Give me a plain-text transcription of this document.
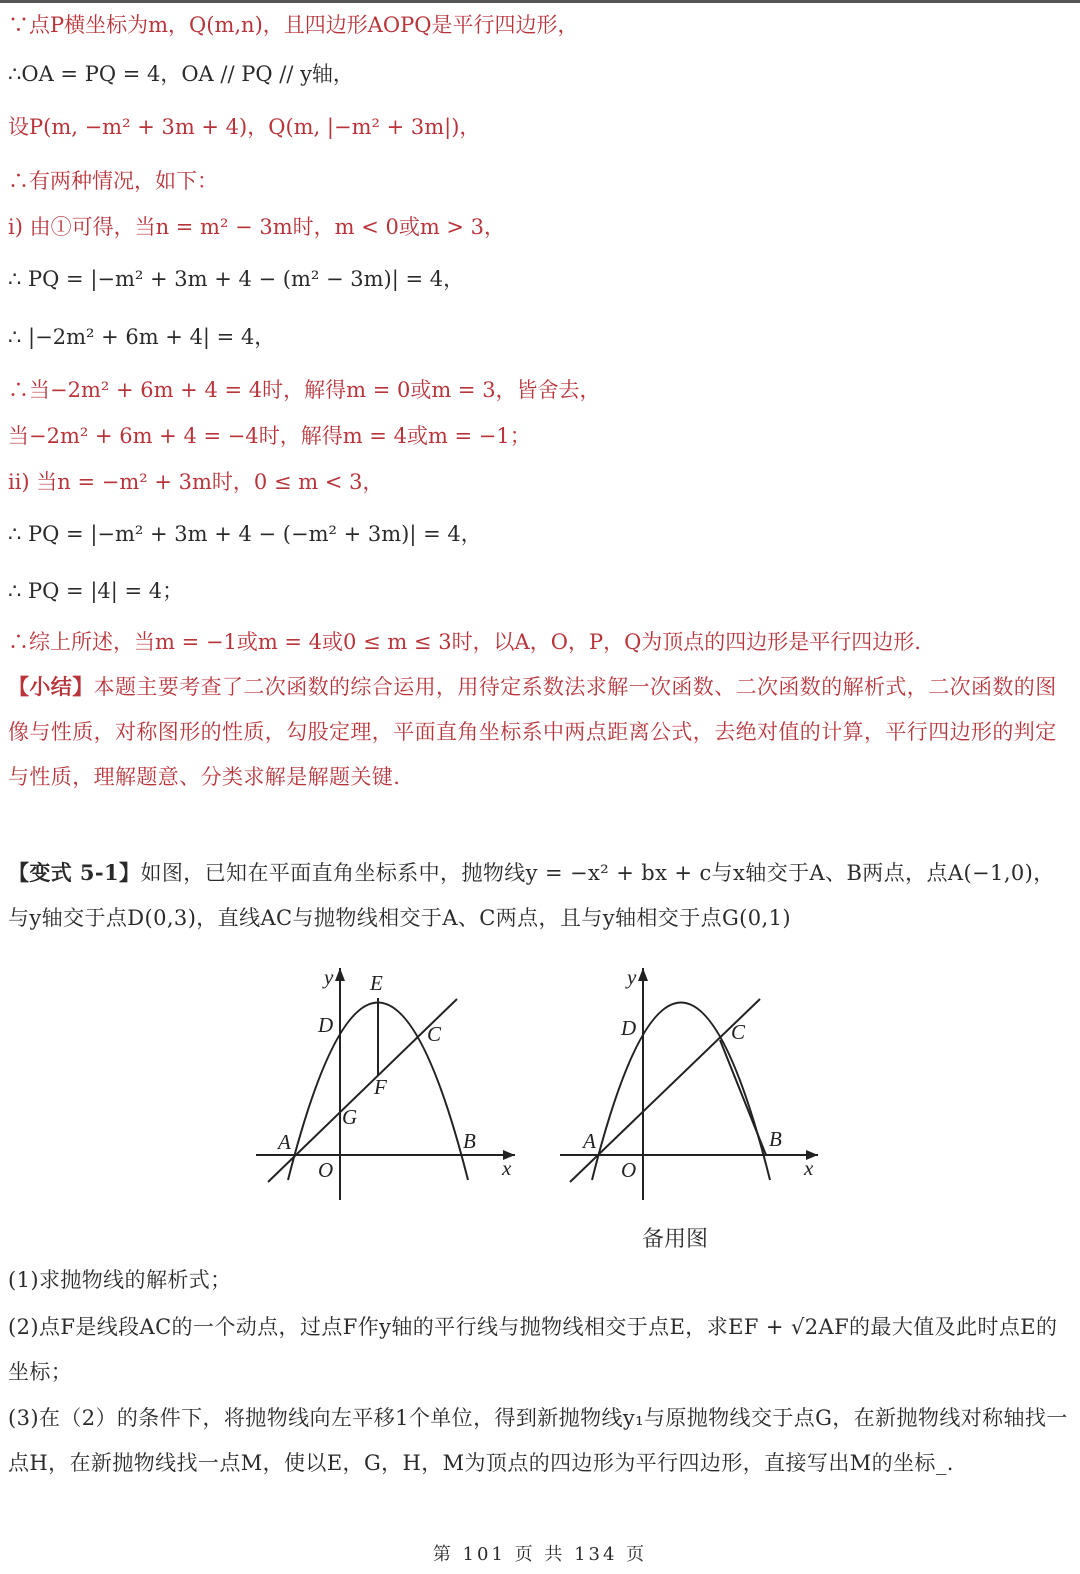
∵点P横坐标为m，Q(m,n)，且四边形AOPQ是平行四边形，
∴OA = PQ = 4，OA // PQ // y轴，
设P(m, −m² + 3m + 4)，Q(m, |−m² + 3m|)，
∴有两种情况，如下：
i) 由①可得，当n = m² − 3m时，m < 0或m > 3，
∴ PQ = |−m² + 3m + 4 − (m² − 3m)| = 4，
∴ |−2m² + 6m + 4| = 4，
∴当−2m² + 6m + 4 = 4时，解得m = 0或m = 3，皆舍去，
当−2m² + 6m + 4 = −4时，解得m = 4或m = −1；
ii) 当n = −m² + 3m时，0 ≤ m < 3，
∴ PQ = |−m² + 3m + 4 − (−m² + 3m)| = 4，
∴ PQ = |4| = 4；
∴综上所述，当m = −1或m = 4或0 ≤ m ≤ 3时，以A，O，P，Q为顶点的四边形是平行四边形.
【小结】本题主要考查了二次函数的综合运用，用待定系数法求解一次函数、二次函数的解析式，二次函数的图像与性质，对称图形的性质，勾股定理，平面直角坐标系中两点距离公式，去绝对值的计算，平行四边形的判定与性质，理解题意、分类求解是解题关键.
【变式 5-1】如图，已知在平面直角坐标系中，抛物线y = −x² + bx + c与x轴交于A、B两点，点A(−1,0)，与y轴交于点D(0,3)，直线AC与抛物线相交于A、C两点，且与y轴相交于点G(0,1)
y E
D	C
F
G
A	B
O	x
y
D	C
A	B
O	x
备用图
(1)求抛物线的解析式；
(2)点F是线段AC的一个动点，过点F作y轴的平行线与抛物线相交于点E，求EF + √2AF的最大值及此时点E的坐标；
(3)在（2）的条件下，将抛物线向左平移1个单位，得到新抛物线y₁与原抛物线交于点G，在新抛物线对称轴找一点H，在新抛物线找一点M，使以E，G，H，M为顶点的四边形为平行四边形，直接写出M的坐标_.
第 101 页 共 134 页
